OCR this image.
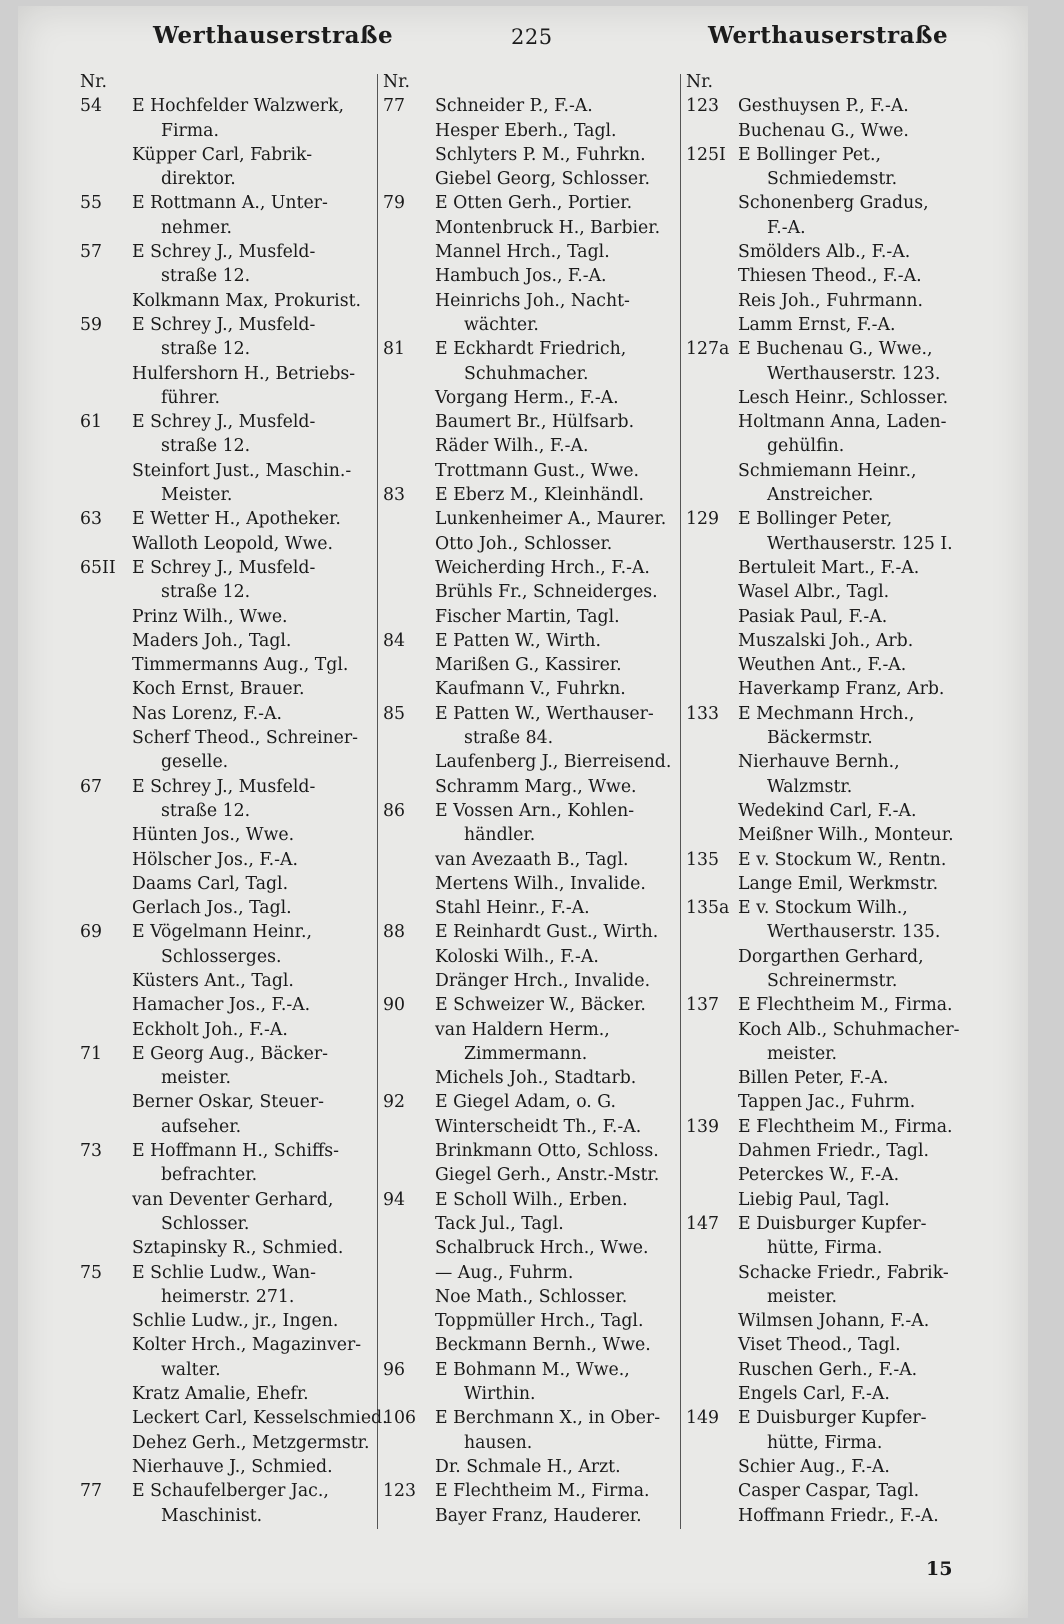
Werthauserstraße	225	Werthauserstraße
Nr.
54	E Hochfelder Walzwerk,
Firma.
Küpper Carl, Fabrik-
direktor.
55	E Rottmann A., Unter-
nehmer.
57	E Schrey J., Musfeld-
straße 12.
Kolkmann Max, Prokurist.
59	E Schrey J., Musfeld-
straße 12.
Hulfershorn H., Betriebs-
führer.
61	E Schrey J., Musfeld-
straße 12.
Steinfort Just., Maschin.-
Meister.
63	E Wetter H., Apotheker.
Walloth Leopold, Wwe.
65II E Schrey J., Musfeld-
straße 12.
Prinz Wilh., Wwe.
Maders Joh., Tagl.
Timmermanns Aug., Tgl.
Koch Ernst, Brauer.
Nas Lorenz, F.-A.
Scherf Theod., Schreiner-
geselle.
67	E Schrey J., Musfeld-
straße 12.
Hünten Jos., Wwe.
Hölscher Jos., F.-A.
Daams Carl, Tagl.
Gerlach Jos., Tagl.
69	E Vögelmann Heinr.,
Schlosserges.
Küsters Ant., Tagl.
Hamacher Jos., F.-A.
Eckholt Joh., F.-A.
71	E Georg Aug., Bäcker-
meister.
Berner Oskar, Steuer-
aufseher.
73	E Hoffmann H., Schiffs-
befrachter.
van Deventer Gerhard,
Schlosser.
Sztapinsky R., Schmied.
75	E Schlie Ludw., Wan-
heimerstr. 271.
Schlie Ludw., jr., Ingen.
Kolter Hrch., Magazinver-
walter.
Kratz Amalie, Ehefr.
Leckert Carl, Kesselschmied.
Dehez Gerh., Metzgermstr.
Nierhauve J., Schmied.
77	E Schaufelberger Jac.,
Maschinist.
Nr.
77	Schneider P., F.-A.
Hesper Eberh., Tagl.
Schlyters P. M., Fuhrkn.
Giebel Georg, Schlosser.
79	E Otten Gerh., Portier.
Montenbruck H., Barbier.
Mannel Hrch., Tagl.
Hambuch Jos., F.-A.
Heinrichs Joh., Nacht-
wächter.
81	E Eckhardt Friedrich,
Schuhmacher.
Vorgang Herm., F.-A.
Baumert Br., Hülfsarb.
Räder Wilh., F.-A.
Trottmann Gust., Wwe.
83	E Eberz M., Kleinhändl.
Lunkenheimer A., Maurer.
Otto Joh., Schlosser.
Weicherding Hrch., F.-A.
Brühls Fr., Schneiderges.
Fischer Martin, Tagl.
84	E Patten W., Wirth.
Marißen G., Kassirer.
Kaufmann V., Fuhrkn.
85	E Patten W., Werthauser-
straße 84.
Laufenberg J., Bierreisend.
Schramm Marg., Wwe.
86	E Vossen Arn., Kohlen-
händler.
van Avezaath B., Tagl.
Mertens Wilh., Invalide.
Stahl Heinr., F.-A.
88	E Reinhardt Gust., Wirth.
Koloski Wilh., F.-A.
Dränger Hrch., Invalide.
90	E Schweizer W., Bäcker.
van Haldern Herm.,
Zimmermann.
Michels Joh., Stadtarb.
92	E Giegel Adam, o. G.
Winterscheidt Th., F.-A.
Brinkmann Otto, Schloss.
Giegel Gerh., Anstr.-Mstr.
94	E Scholl Wilh., Erben.
Tack Jul., Tagl.
Schalbruck Hrch., Wwe.
— Aug., Fuhrm.
Noe Math., Schlosser.
Toppmüller Hrch., Tagl.
Beckmann Bernh., Wwe.
96	E Bohmann M., Wwe.,
Wirthin.
106	E Berchmann X., in Ober-
hausen.
Dr. Schmale H., Arzt.
123	E Flechtheim M., Firma.
Bayer Franz, Hauderer.
Nr.
123	Gesthuysen P., F.-A.
Buchenau G., Wwe.
125I E Bollinger Pet.,
Schmiedemstr.
Schonenberg Gradus,
F.-A.
Smölders Alb., F.-A.
Thiesen Theod., F.-A.
Reis Joh., Fuhrmann.
Lamm Ernst, F.-A.
127a E Buchenau G., Wwe.,
Werthauserstr. 123.
Lesch Heinr., Schlosser.
Holtmann Anna, Laden-
gehülfin.
Schmiemann Heinr.,
Anstreicher.
129	E Bollinger Peter,
Werthauserstr. 125 I.
Bertuleit Mart., F.-A.
Wasel Albr., Tagl.
Pasiak Paul, F.-A.
Muszalski Joh., Arb.
Weuthen Ant., F.-A.
Haverkamp Franz, Arb.
133	E Mechmann Hrch.,
Bäckermstr.
Nierhauve Bernh.,
Walzmstr.
Wedekind Carl, F.-A.
Meißner Wilh., Monteur.
135	E v. Stockum W., Rentn.
Lange Emil, Werkmstr.
135a E v. Stockum Wilh.,
Werthauserstr. 135.
Dorgarthen Gerhard,
Schreinermstr.
137	E Flechtheim M., Firma.
Koch Alb., Schuhmacher-
meister.
Billen Peter, F.-A.
Tappen Jac., Fuhrm.
139	E Flechtheim M., Firma.
Dahmen Friedr., Tagl.
Peterckes W., F.-A.
Liebig Paul, Tagl.
147	E Duisburger Kupfer-
hütte, Firma.
Schacke Friedr., Fabrik-
meister.
Wilmsen Johann, F.-A.
Viset Theod., Tagl.
Ruschen Gerh., F.-A.
Engels Carl, F.-A.
149	E Duisburger Kupfer-
hütte, Firma.
Schier Aug., F.-A.
Casper Caspar, Tagl.
Hoffmann Friedr., F.-A.
15
